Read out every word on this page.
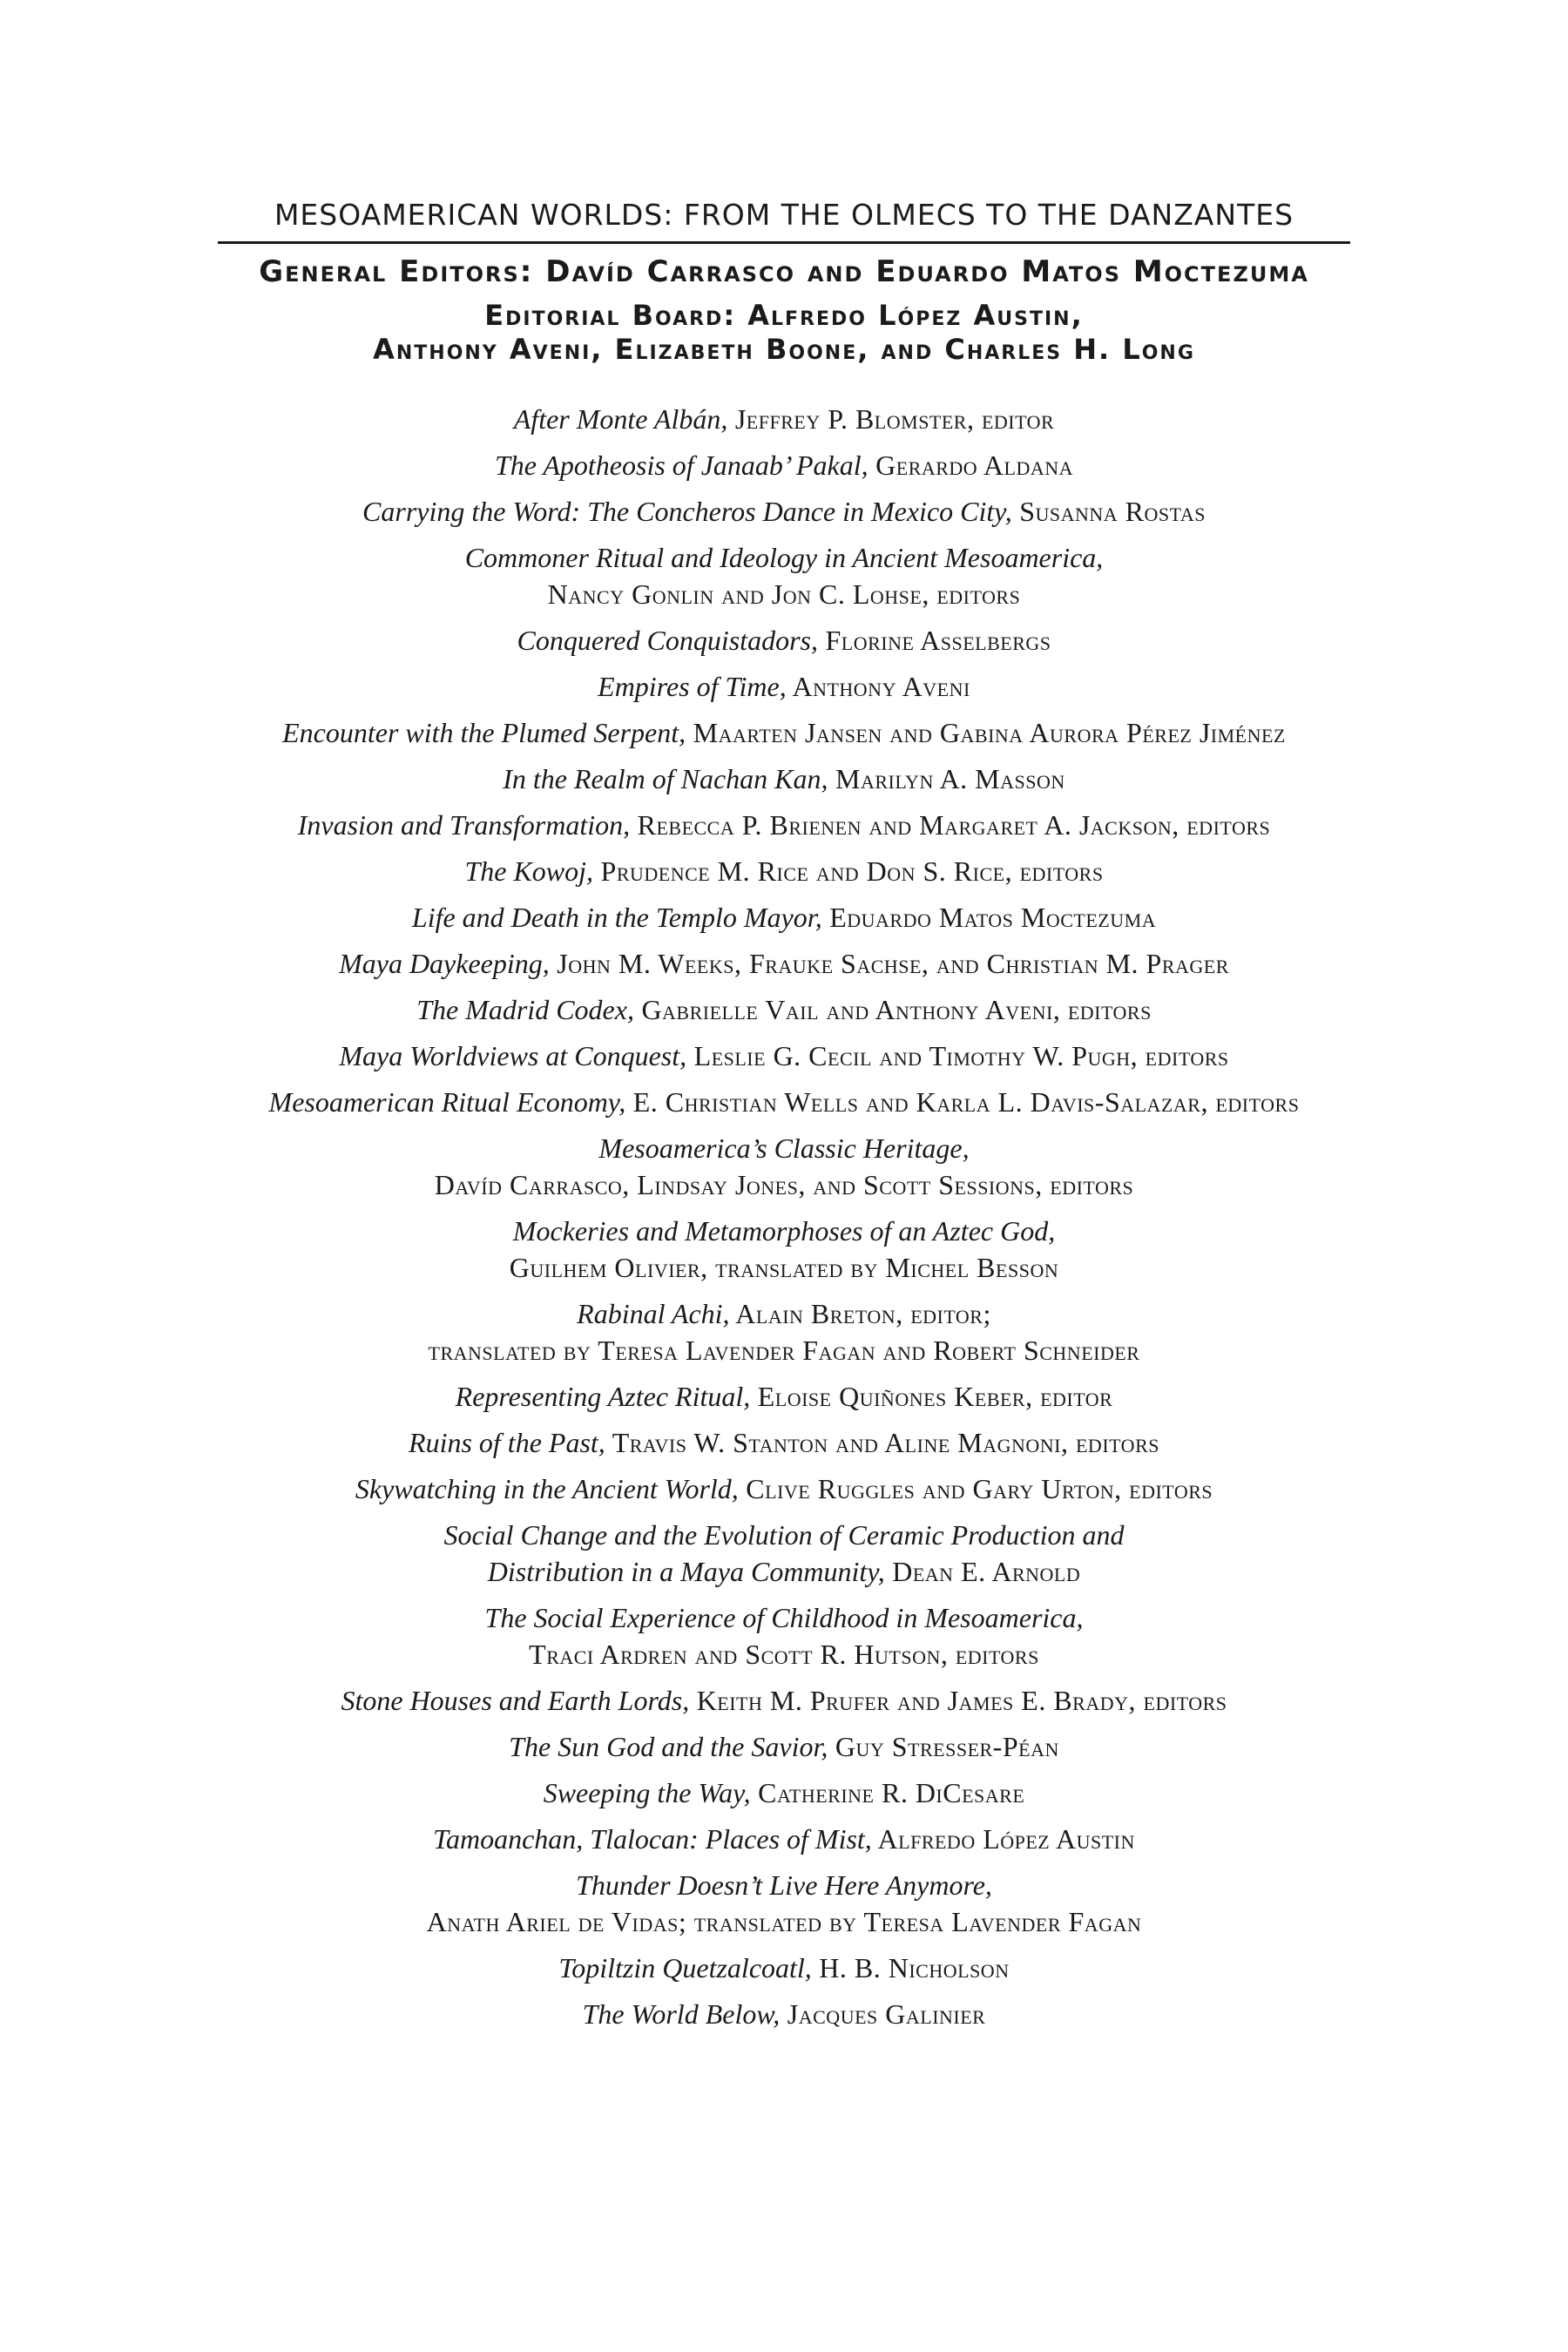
MESOAMERICAN WORLDS: FROM THE OLMECS TO THE DANZANTES
General Editors: Davíd Carrasco and Eduardo Matos Moctezuma
Editorial Board: Alfredo López Austin,
Anthony Aveni, Elizabeth Boone, and Charles H. Long
After Monte Albán, Jeffrey P. Blomster, editor
The Apotheosis of Janaab’ Pakal, Gerardo Aldana
Carrying the Word: The Concheros Dance in Mexico City, Susanna Rostas
Commoner Ritual and Ideology in Ancient Mesoamerica,
Nancy Gonlin and Jon C. Lohse, editors
Conquered Conquistadors, Florine Asselbergs
Empires of Time, Anthony Aveni
Encounter with the Plumed Serpent, Maarten Jansen and Gabina Aurora Pérez Jiménez
In the Realm of Nachan Kan, Marilyn A. Masson
Invasion and Transformation, Rebecca P. Brienen and Margaret A. Jackson, editors
The Kowoj, Prudence M. Rice and Don S. Rice, editors
Life and Death in the Templo Mayor, Eduardo Matos Moctezuma
Maya Daykeeping, John M. Weeks, Frauke Sachse, and Christian M. Prager
The Madrid Codex, Gabrielle Vail and Anthony Aveni, editors
Maya Worldviews at Conquest, Leslie G. Cecil and Timothy W. Pugh, editors
Mesoamerican Ritual Economy, E. Christian Wells and Karla L. Davis-Salazar, editors
Mesoamerica’s Classic Heritage,
Davíd Carrasco, Lindsay Jones, and Scott Sessions, editors
Mockeries and Metamorphoses of an Aztec God,
Guilhem Olivier, translated by Michel Besson
Rabinal Achi, Alain Breton, editor;
translated by Teresa Lavender Fagan and Robert Schneider
Representing Aztec Ritual, Eloise Quiñones Keber, editor
Ruins of the Past, Travis W. Stanton and Aline Magnoni, editors
Skywatching in the Ancient World, Clive Ruggles and Gary Urton, editors
Social Change and the Evolution of Ceramic Production and
Distribution in a Maya Community, Dean E. Arnold
The Social Experience of Childhood in Mesoamerica,
Traci Ardren and Scott R. Hutson, editors
Stone Houses and Earth Lords, Keith M. Prufer and James E. Brady, editors
The Sun God and the Savior, Guy Stresser-Péan
Sweeping the Way, Catherine R. DiCesare
Tamoanchan, Tlalocan: Places of Mist, Alfredo López Austin
Thunder Doesn’t Live Here Anymore,
Anath Ariel de Vidas; translated by Teresa Lavender Fagan
Topiltzin Quetzalcoatl, H. B. Nicholson
The World Below, Jacques Galinier
